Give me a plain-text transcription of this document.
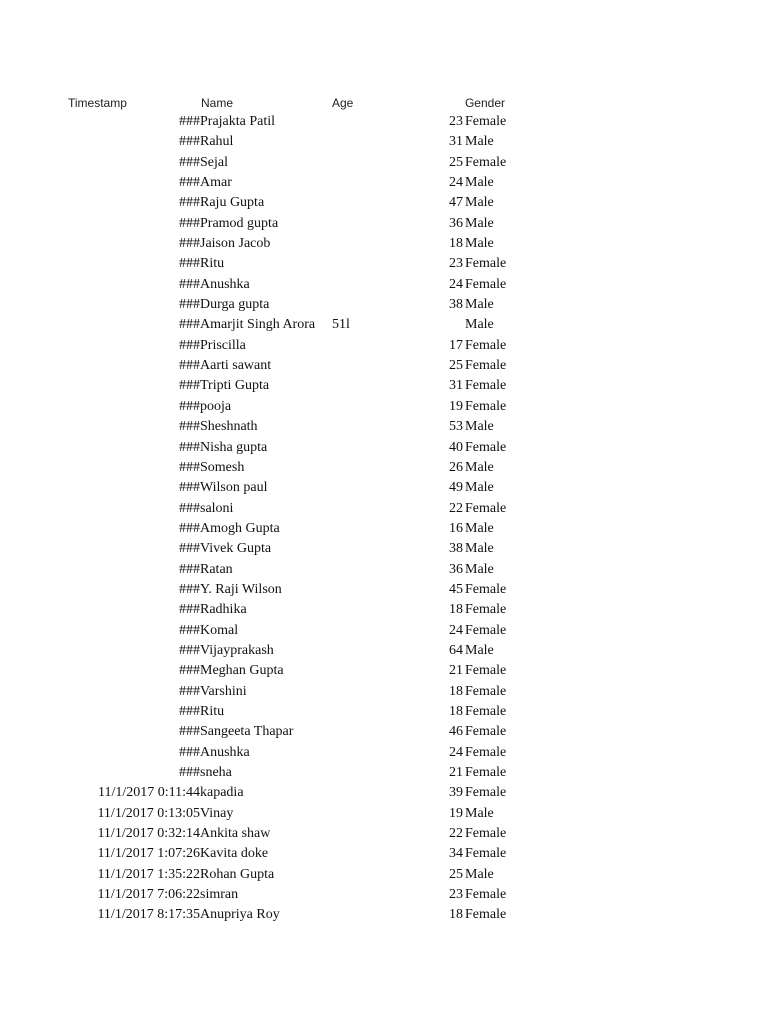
Timestamp	Name	Age	Gender
### Prajakta Patil	23 Female
### Rahul	31 Male
### Sejal	25 Female
### Amar	24 Male
### Raju Gupta	47 Male
### Pramod gupta	36 Male
### Jaison Jacob	18 Male
### Ritu	23 Female
### Anushka	24 Female
### Durga gupta	38 Male
### Amarjit Singh Arora 51l	Male
### Priscilla	17 Female
### Aarti sawant	25 Female
### Tripti Gupta	31 Female
### pooja	19 Female
### Sheshnath	53 Male
### Nisha gupta	40 Female
### Somesh	26 Male
### Wilson paul	49 Male
### saloni	22 Female
### Amogh Gupta	16 Male
### Vivek Gupta	38 Male
### Ratan	36 Male
### Y. Raji Wilson	45 Female
### Radhika	18 Female
### Komal	24 Female
### Vijayprakash	64 Male
### Meghan Gupta	21 Female
### Varshini	18 Female
### Ritu	18 Female
### Sangeeta Thapar	46 Female
### Anushka	24 Female
### sneha	21 Female
11/1/2017 0:11:44 kapadia	39 Female
11/1/2017 0:13:05 Vinay	19 Male
11/1/2017 0:32:14 Ankita shaw	22 Female
11/1/2017 1:07:26 Kavita doke	34 Female
11/1/2017 1:35:22 Rohan Gupta	25 Male
11/1/2017 7:06:22 simran	23 Female
11/1/2017 8:17:35 Anupriya Roy	18 Female
